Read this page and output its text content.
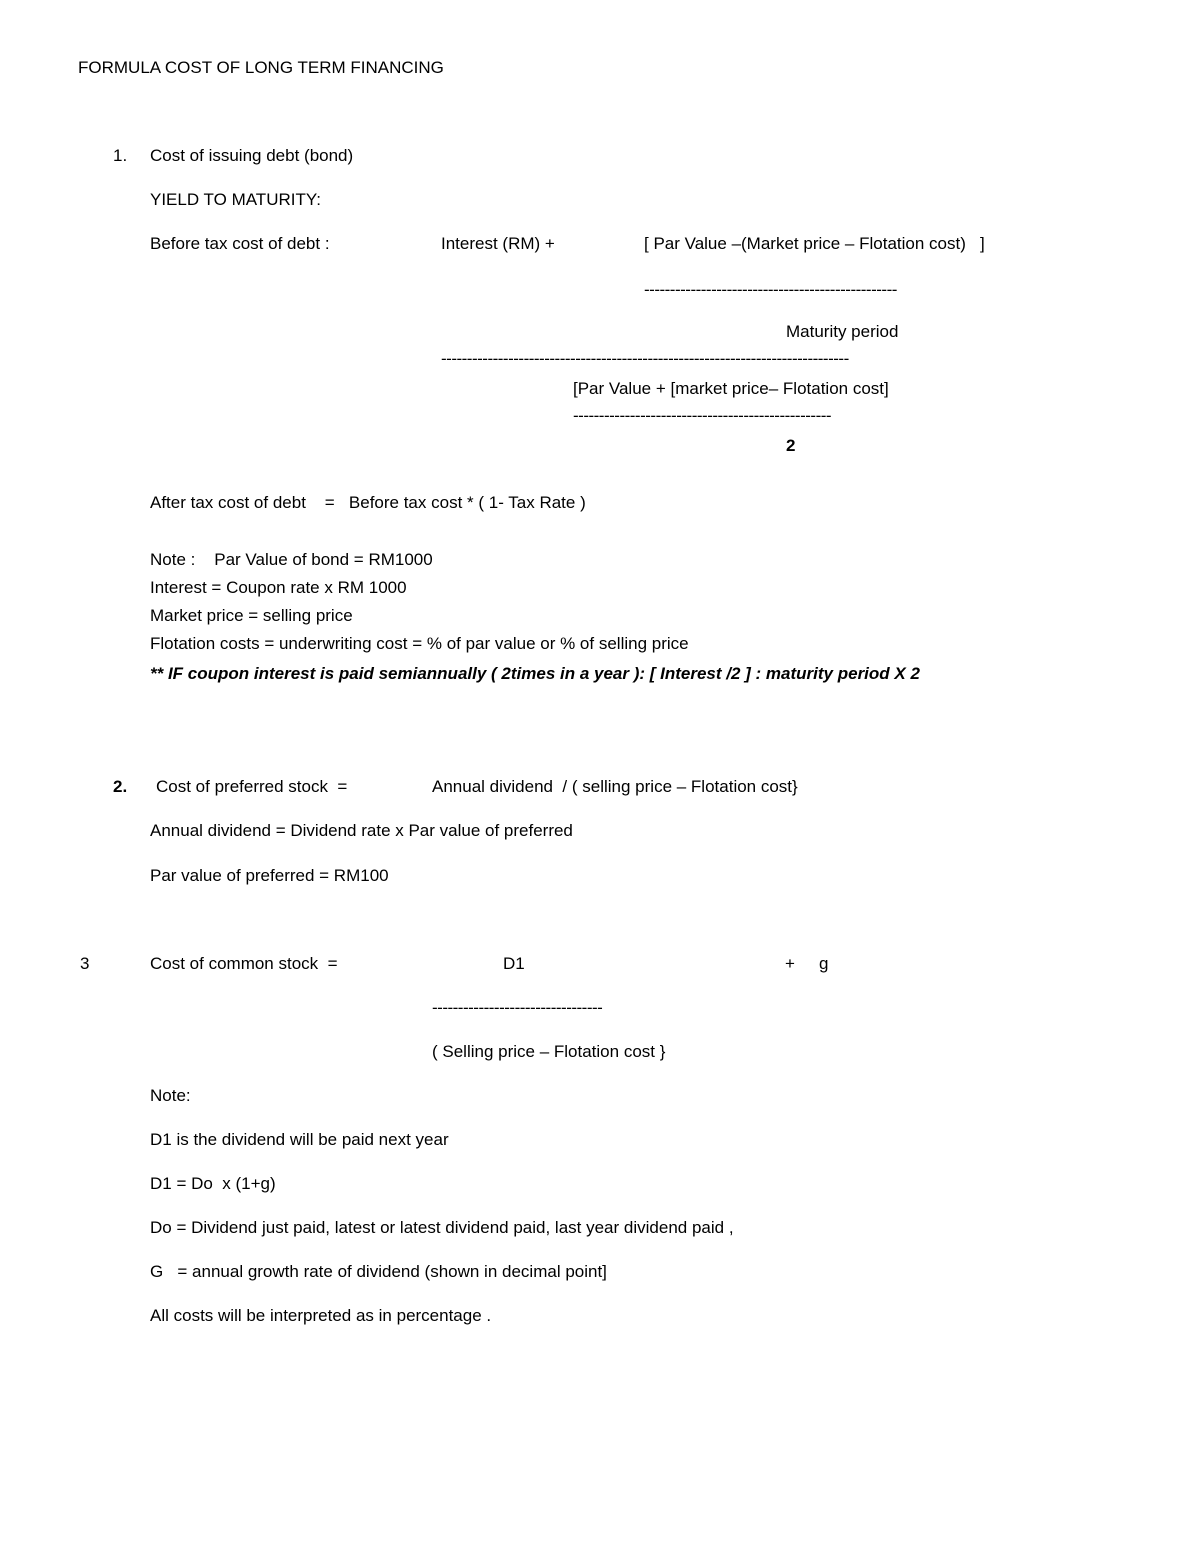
FORMULA COST OF LONG TERM FINANCING
1. Cost of issuing debt (bond)
YIELD TO MATURITY:
Before tax cost of debt :	Interest (RM) +	[ Par Value –(Market price – Flotation cost)   ]
-------------------------------------------------
Maturity period
-------------------------------------------------------------------------------
[Par Value + [market price– Flotation cost]
--------------------------------------------------
2
After tax cost of debt    =   Before tax cost * ( 1- Tax Rate )
Note :    Par Value of bond = RM1000
Interest = Coupon rate x RM 1000
Market price = selling price
Flotation costs = underwriting cost = % of par value or % of selling price
** IF coupon interest is paid semiannually ( 2times in a year ): [ Interest /2 ] : maturity period X 2
2. Cost of preferred stock  =	Annual dividend  / ( selling price – Flotation cost}
Annual dividend = Dividend rate x Par value of preferred
Par value of preferred = RM100
3	Cost of common stock  =	D1	+ g
---------------------------------
( Selling price – Flotation cost }
Note:
D1 is the dividend will be paid next year
D1 = Do  x (1+g)
Do = Dividend just paid, latest or latest dividend paid, last year dividend paid ,
G   = annual growth rate of dividend (shown in decimal point]
All costs will be interpreted as in percentage .
